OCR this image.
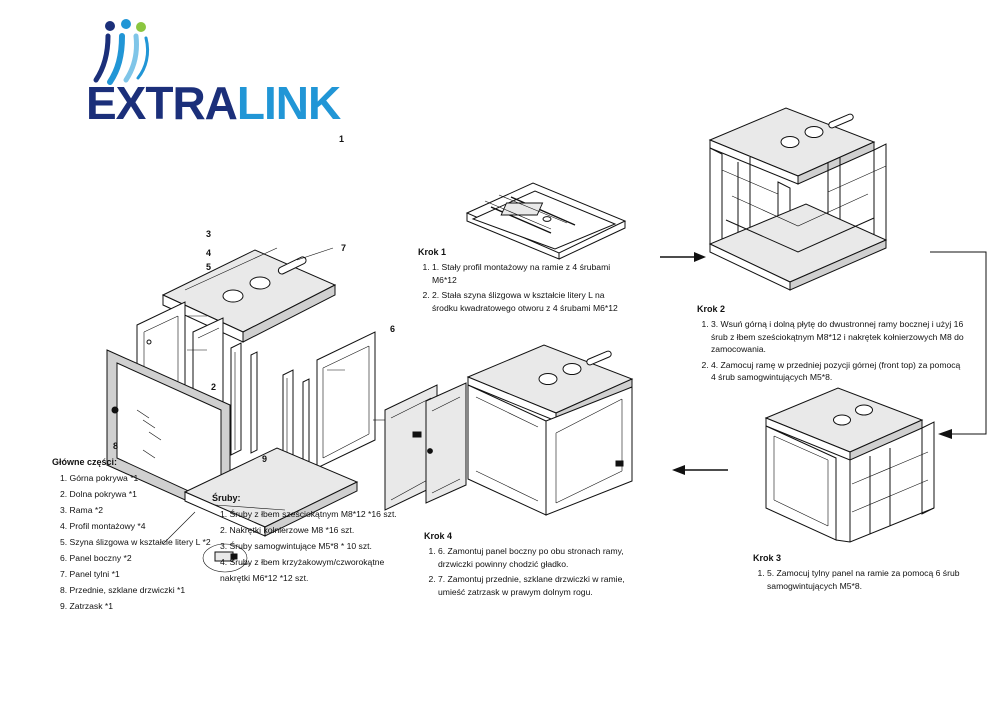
EXTRALINK
1
2
3
4
5
6
7
8
9
Główne części:
1. Górna pokrywa *1
2. Dolna pokrywa *1
3. Rama *2
4. Profil montażowy *4
5. Szyna ślizgowa w kształcie litery L *2
6. Panel boczny *2
7. Panel tylni *1
8. Przednie, szklane drzwiczki *1
9. Zatrzask *1
Śruby:
1. Śruby z łbem sześciokątnym M8*12 *16 szt.
2. Nakrętki kołnierzowe M8 *16 szt.
3. Śruby samogwintujące M5*8 * 10 szt.
4. Śruby z łbem krzyżakowym/czworokątne
nakrętki M6*12 *12 szt.
Krok 1
1. 1. Stały profil montażowy na ramie z 4 śrubami M6*12
2. 2. Stała szyna ślizgowa w kształcie litery L na środku kwadratowego otworu z 4 śrubami M6*12	Krok 2
1. 3. Wsuń górną i dolną płytę do dwustronnej ramy bocznej i użyj 16 śrub z łbem sześciokątnym M8*12 i nakrętek kołnierzowych M8 do zamocowania.
2. 4. Zamocuj ramę w przedniej pozycji górnej (front top) za pomocą 4 śrub samogwintujących M5*8.
Krok 3
1. 5. Zamocuj tylny panel na ramie za pomocą 6 śrub samogwintujących M5*8.
Krok 4
1. 6. Zamontuj panel boczny po obu stronach ramy, drzwiczki powinny chodzić gładko.
2. 7. Zamontuj przednie, szklane drzwiczki w ramie, umieść zatrzask w prawym dolnym rogu.
